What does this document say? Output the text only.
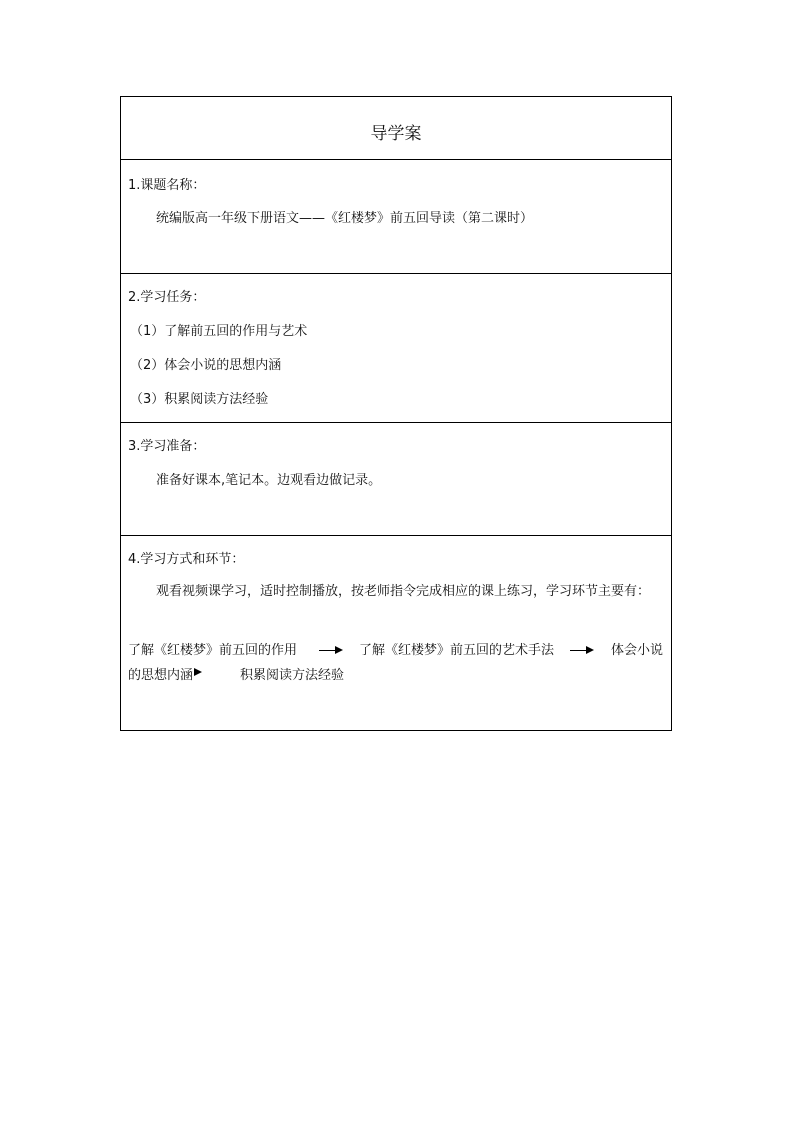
导学案
1.课题名称：
统编版高一年级下册语文——《红楼梦》前五回导读（第二课时）
2.学习任务：
（1）了解前五回的作用与艺术
（2）体会小说的思想内涵
（3）积累阅读方法经验
3.学习准备：
准备好课本,笔记本。边观看边做记录。
4.学习方式和环节：
观看视频课学习，适时控制播放，按老师指令完成相应的课上练习，学习环节主要有：
了解《红楼梦》前五回的作用	了解《红楼梦》前五回的艺术手法	体会小说
的思想内涵	积累阅读方法经验
